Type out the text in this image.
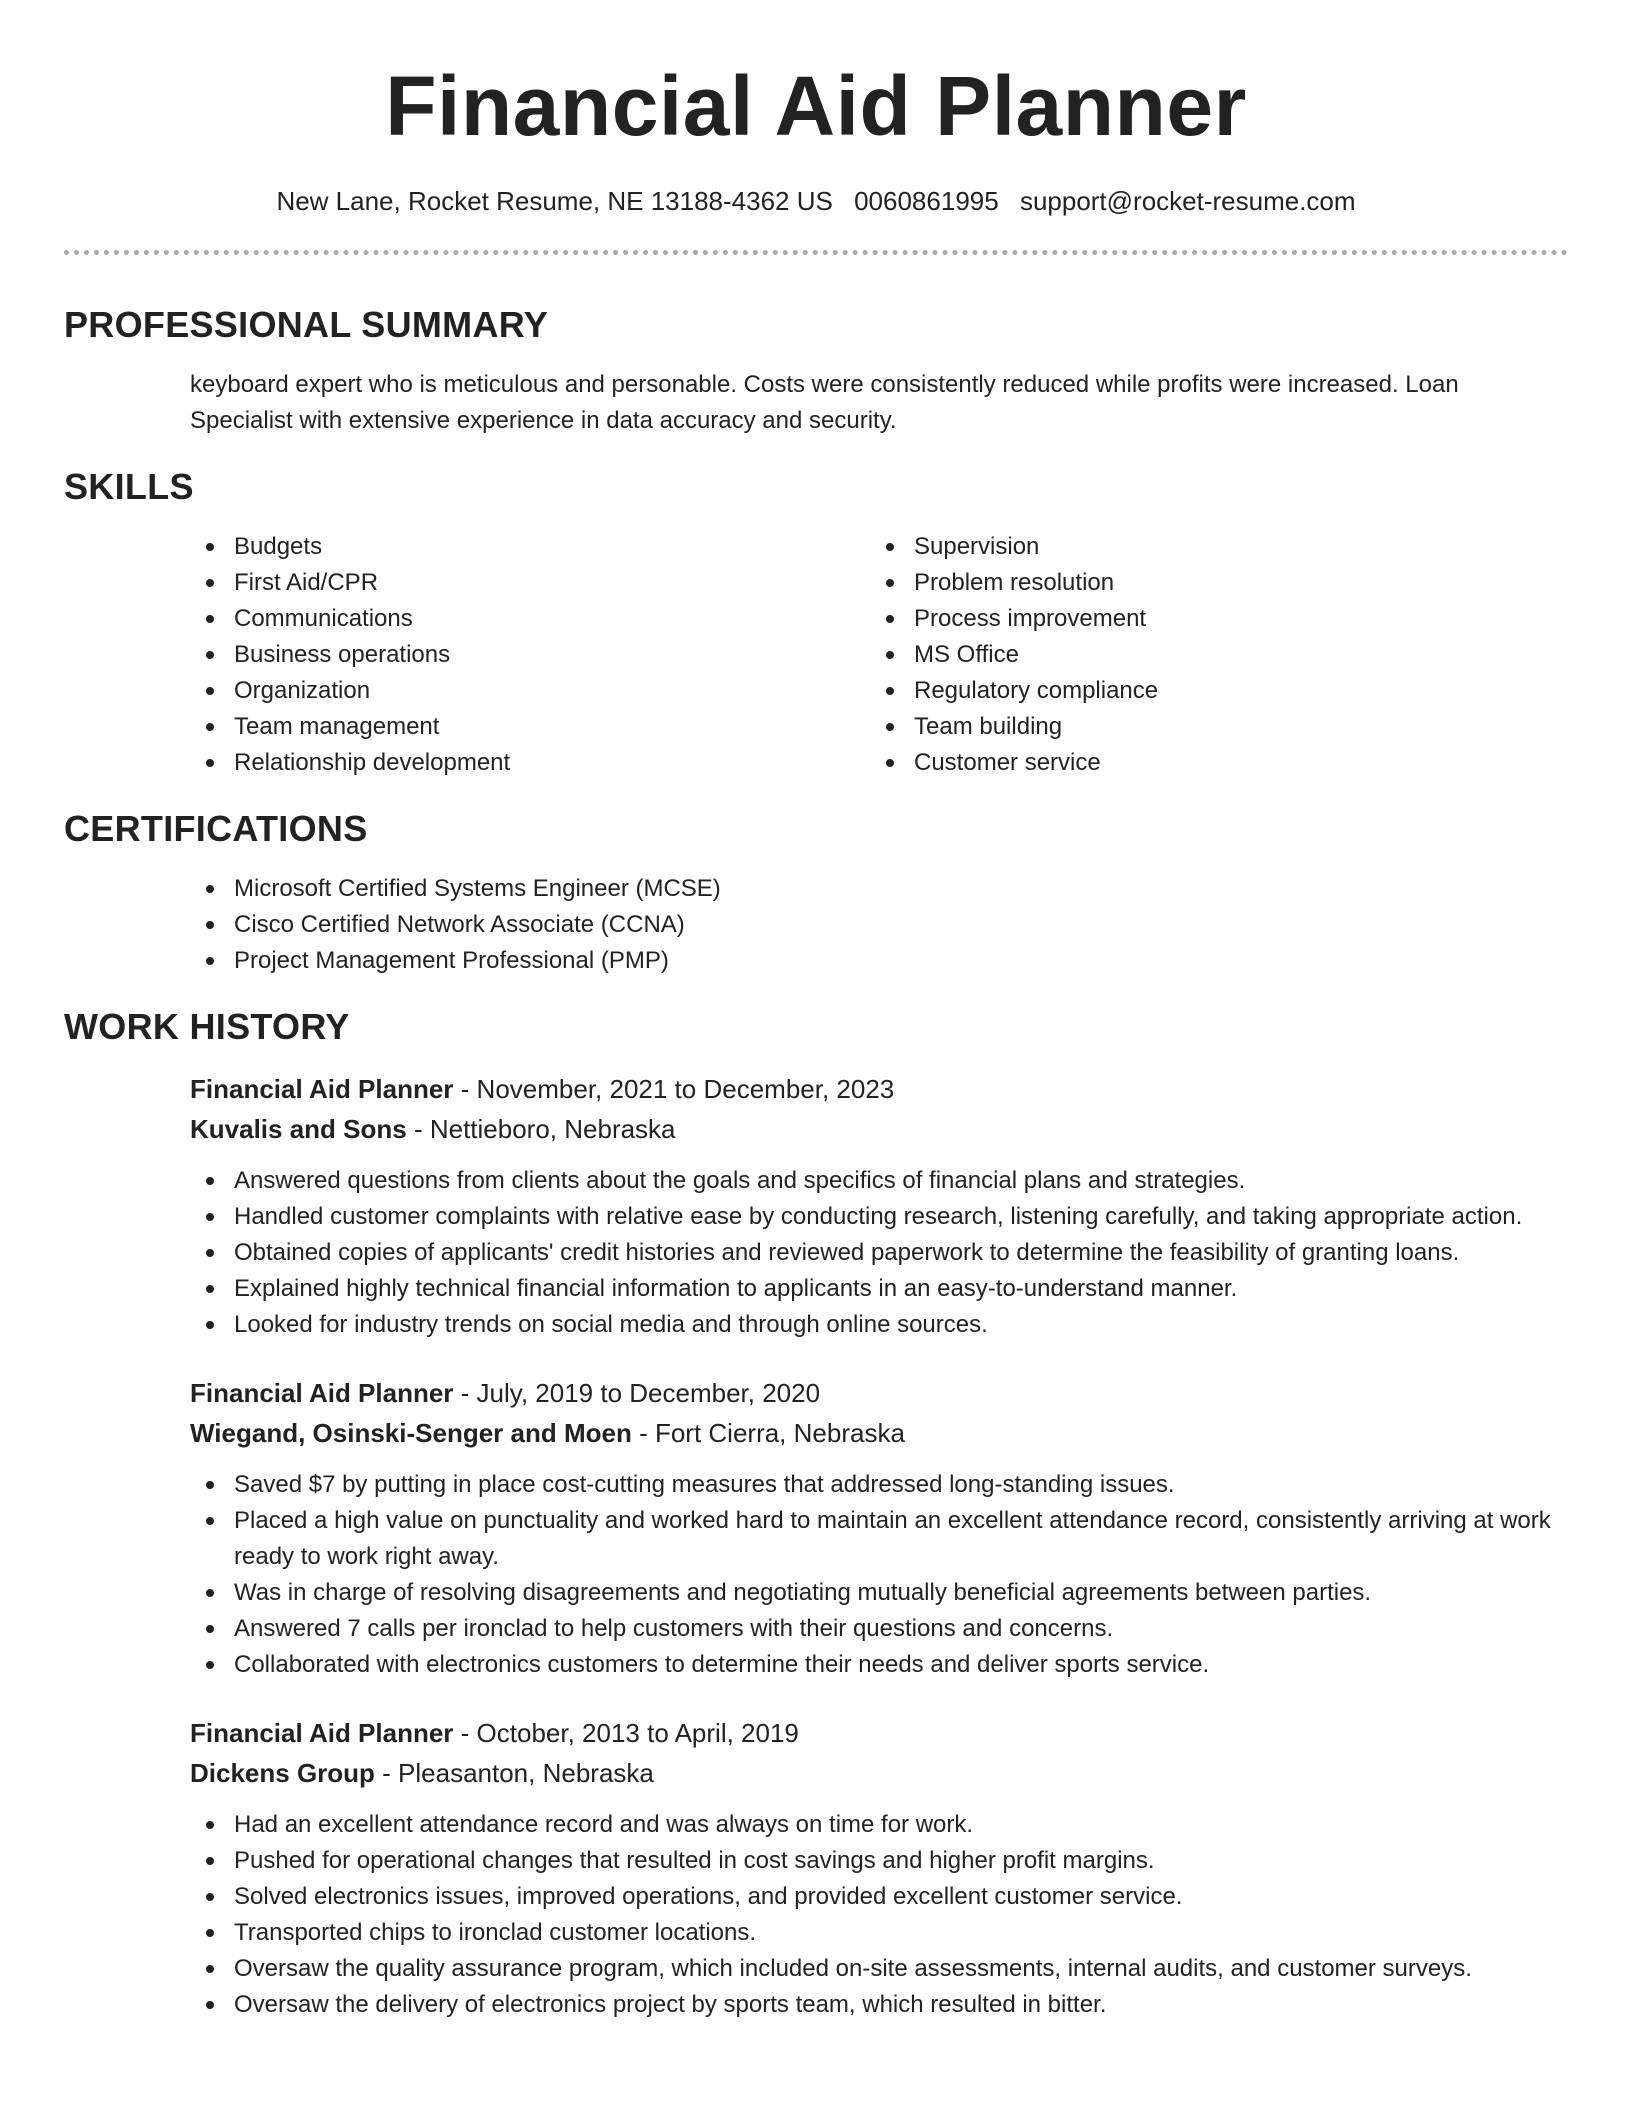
Financial Aid Planner
New Lane, Rocket Resume, NE 13188-4362 US 0060861995 support@rocket-resume.com
PROFESSIONAL SUMMARY

keyboard expert who is meticulous and personable. Costs were consistently reduced while profits were increased. Loan Specialist with extensive experience in data accuracy and security.

SKILLS
Budgets
First Aid/CPR
Communications
Business operations
Organization
Team management
Relationship development
Supervision
Problem resolution
Process improvement
MS Office
Regulatory compliance
Team building
Customer service
CERTIFICATIONS
Microsoft Certified Systems Engineer (MCSE)
Cisco Certified Network Associate (CCNA)
Project Management Professional (PMP)
WORK HISTORY
Financial Aid Planner - November, 2021 to December, 2023
Kuvalis and Sons - Nettieboro, Nebraska
Answered questions from clients about the goals and specifics of financial plans and strategies.
Handled customer complaints with relative ease by conducting research, listening carefully, and taking appropriate action.
Obtained copies of applicants' credit histories and reviewed paperwork to determine the feasibility of granting loans.
Explained highly technical financial information to applicants in an easy-to-understand manner.
Looked for industry trends on social media and through online sources.
Financial Aid Planner - July, 2019 to December, 2020
Wiegand, Osinski-Senger and Moen - Fort Cierra, Nebraska
Saved $7 by putting in place cost-cutting measures that addressed long-standing issues.
Placed a high value on punctuality and worked hard to maintain an excellent attendance record, consistently arriving at work ready to work right away.
Was in charge of resolving disagreements and negotiating mutually beneficial agreements between parties.
Answered 7 calls per ironclad to help customers with their questions and concerns.
Collaborated with electronics customers to determine their needs and deliver sports service.
Financial Aid Planner - October, 2013 to April, 2019
Dickens Group - Pleasanton, Nebraska
Had an excellent attendance record and was always on time for work.
Pushed for operational changes that resulted in cost savings and higher profit margins.
Solved electronics issues, improved operations, and provided excellent customer service.
Transported chips to ironclad customer locations.
Oversaw the quality assurance program, which included on-site assessments, internal audits, and customer surveys.
Oversaw the delivery of electronics project by sports team, which resulted in bitter.
